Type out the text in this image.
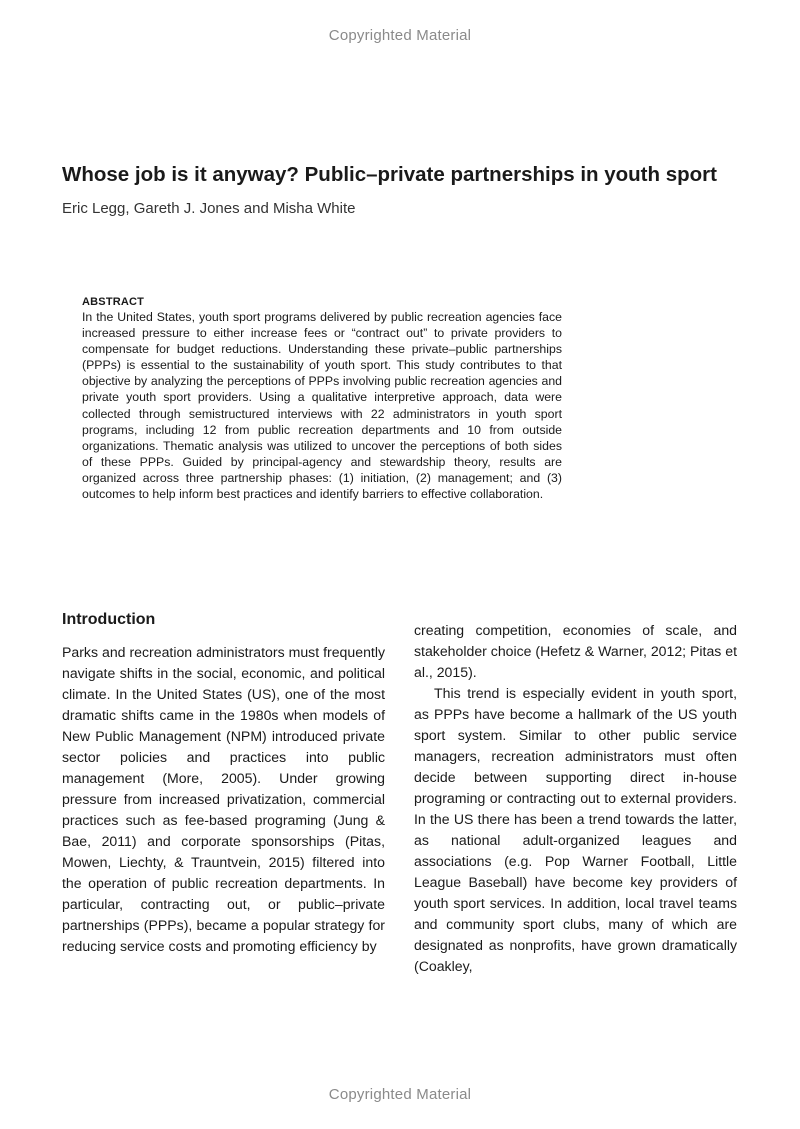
Copyrighted Material
Whose job is it anyway? Public–private partnerships in youth sport
Eric Legg, Gareth J. Jones and Misha White
ABSTRACT

In the United States, youth sport programs delivered by public recreation agencies face increased pressure to either increase fees or “contract out” to private providers to compensate for budget reductions. Understanding these private–public partnerships (PPPs) is essential to the sustainability of youth sport. This study contributes to that objective by analyzing the perceptions of PPPs involving public recreation agencies and private youth sport providers. Using a qualitative interpretive approach, data were collected through semistructured interviews with 22 administrators in youth sport programs, including 12 from public recreation departments and 10 from outside organizations. Thematic analysis was utilized to uncover the perceptions of both sides of these PPPs. Guided by principal-agency and stewardship theory, results are organized across three partnership phases: (1) initiation, (2) management; and (3) outcomes to help inform best practices and identify barriers to effective collaboration.

Introduction

Parks and recreation administrators must frequently navigate shifts in the social, economic, and political climate. In the United States (US), one of the most dramatic shifts came in the 1980s when models of New Public Management (NPM) introduced private sector policies and practices into public management (More, 2005). Under growing pressure from increased privatization, commercial practices such as fee-based programing (Jung & Bae, 2011) and corporate sponsorships (Pitas, Mowen, Liechty, & Trauntvein, 2015) filtered into the operation of public recreation departments. In particular, contracting out, or public–private partnerships (PPPs), became a popular strategy for reducing service costs and promoting efficiency by

creating competition, economies of scale, and stakeholder choice (Hefetz & Warner, 2012; Pitas et al., 2015).

This trend is especially evident in youth sport, as PPPs have become a hallmark of the US youth sport system. Similar to other public service managers, recreation administrators must often decide between supporting direct in-house programing or contracting out to external providers. In the US there has been a trend towards the latter, as national adult-organized leagues and associations (e.g. Pop Warner Football, Little League Baseball) have become key providers of youth sport services. In addition, local travel teams and community sport clubs, many of which are designated as nonprofits, have grown dramatically (Coakley,

Copyrighted Material
